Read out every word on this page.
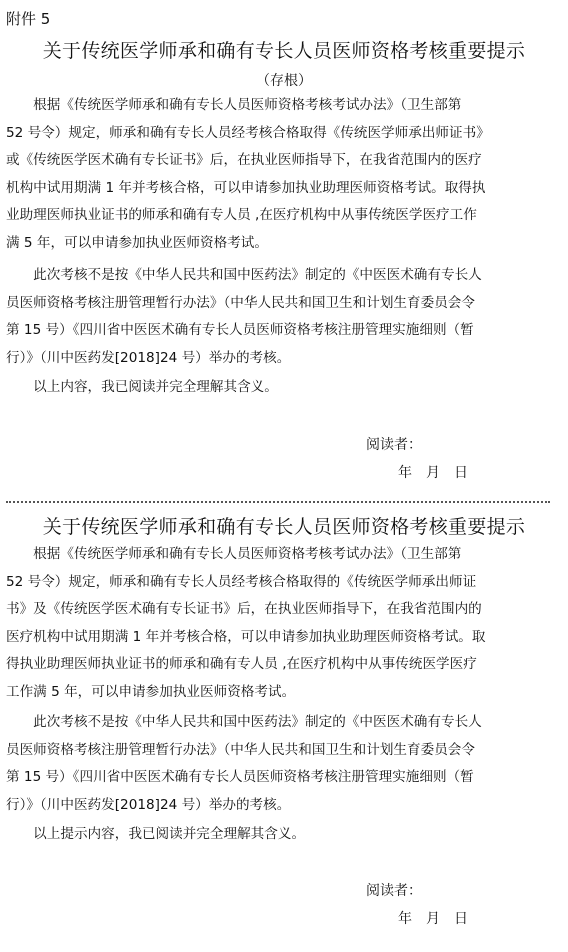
附件 5
关于传统医学师承和确有专长人员医师资格考核重要提示
（存根）
　　根据《传统医学师承和确有专长人员医师资格考核考试办法》（卫生部第
52 号令）规定，师承和确有专长人员经考核合格取得《传统医学师承出师证书》
或《传统医学医术确有专长证书》后，在执业医师指导下，在我省范围内的医疗
机构中试用期满 1 年并考核合格，可以申请参加执业助理医师资格考试。取得执
业助理医师执业证书的师承和确有专人员 ,在医疗机构中从事传统医学医疗工作
满 5 年，可以申请参加执业医师资格考试。
　　此次考核不是按《中华人民共和国中医药法》制定的《中医医术确有专长人
员医师资格考核注册管理暂行办法》（中华人民共和国卫生和计划生育委员会令
第 15 号）《四川省中医医术确有专长人员医师资格考核注册管理实施细则（暂
行）》（川中医药发[2018]24 号）举办的考核。
　　以上内容，我已阅读并完全理解其含义。
阅读者：
年　月　日
关于传统医学师承和确有专长人员医师资格考核重要提示
　　根据《传统医学师承和确有专长人员医师资格考核考试办法》（卫生部第
52 号令）规定，师承和确有专长人员经考核合格取得的《传统医学师承出师证
书》及《传统医学医术确有专长证书》后，在执业医师指导下，在我省范围内的
医疗机构中试用期满 1 年并考核合格，可以申请参加执业助理医师资格考试。取
得执业助理医师执业证书的师承和确有专人员 ,在医疗机构中从事传统医学医疗
工作满 5 年，可以申请参加执业医师资格考试。
　　此次考核不是按《中华人民共和国中医药法》制定的《中医医术确有专长人
员医师资格考核注册管理暂行办法》（中华人民共和国卫生和计划生育委员会令
第 15 号）《四川省中医医术确有专长人员医师资格考核注册管理实施细则（暂
行）》（川中医药发[2018]24 号）举办的考核。
　　以上提示内容，我已阅读并完全理解其含义。
阅读者：
年　月　日
